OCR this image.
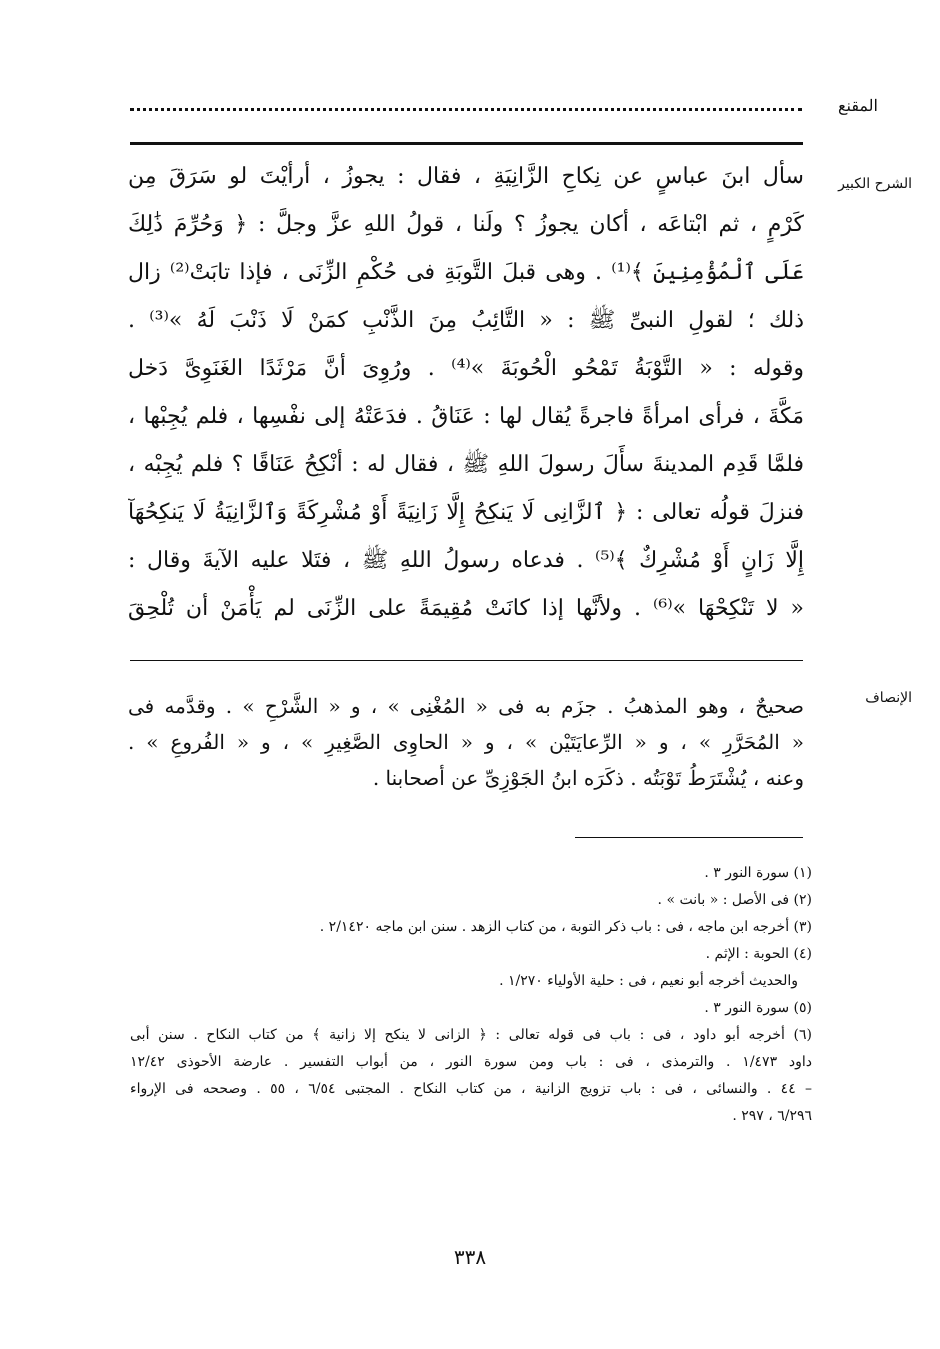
المقنع
الشرح الكبير
سأل ابنَ عباسٍ عن نِكاحِ الزَّانِيَةِ ، فقال : يجوزُ ، أرأيْتَ لو سَرَقَ مِن
كَرْمٍ ، ثم ابْتاعَه ، أكان يجوزُ ؟ ولَنا ، قولُ اللهِ عزَّ وجلَّ : ﴿ وَحُرِّمَ ذَٰلِكَ
عَلَى ٱلْمُؤْمِنِينَ ﴾⁽¹⁾ . وهى قبلَ التَّوبَةِ فى حُكْمِ الزِّنَى ، فإذا تابَتْ⁽²⁾ زال
ذلك ؛ لقولِ النبىِّ ﷺ : « التَّائِبُ مِنَ الذَّنْبِ كمَنْ لَا ذَنْبَ لَهُ »⁽³⁾ .
وقوله : « التَّوْبَةُ تَمْحُو الْحُوبَةَ »⁽⁴⁾ . ورُوِىَ أنَّ مَرْثَدًا الغَنَوِىَّ دَخل
مَكَّةَ ، فرأى امرأةً فاجرةً يُقال لها : عَنَاقُ . فدَعَتْهُ إلى نفْسِها ، فلم يُجِبْها ،
فلمَّا قَدِم المدينةَ سأَلَ رسولَ اللهِ ﷺ ، فقال له : أنْكِحُ عَنَاقًا ؟ فلم يُجِبْه ،
فنزلَ قولُه تعالى : ﴿ ٱلزَّانِى لَا يَنكِحُ إِلَّا زَانِيَةً أَوْ مُشْرِكَةً وَٱلزَّانِيَةُ لَا يَنكِحُهَآ
إِلَّا زَانٍ أَوْ مُشْرِكٌ ﴾⁽⁵⁾ . فدعاه رسولُ اللهِ ﷺ ، فتَلا عليه الآيةَ وقال :
« لا تَنْكِحْهَا »⁽⁶⁾ . ولأنَّها إذا كانَتْ مُقِيمَةً على الزِّنَى لم يَأْمَنْ أن تُلْحِقَ
الإنصاف
صحيحٌ ، وهو المذهبُ . جزَم به فى « المُغْنِى » ، و « الشَّرْحِ » . وقدَّمه فى
« المُحَرَّرِ » ، و « الرِّعايَتَيْن » ، و « الحاوِى الصَّغِيرِ » ، و « الفُروعِ » .
وعنه ، يُشْتَرَطُ تَوْبَتُه . ذكَرَه ابنُ الجَوْزِىِّ عن أصحابنا .
(١) سورة النور ٣ .
(٢) فى الأصل : « بانت » .
(٣) أخرجه ابن ماجه ، فى : باب ذكر التوبة ، من كتاب الزهد . سنن ابن ماجه ٢/١٤٢٠ .
(٤) الحوبة : الإثم .
والحديث أخرجه أبو نعيم ، فى : حلية الأولياء ١/٢٧٠ .
(٥) سورة النور ٣ .
(٦) أخرجه أبو داود ، فى : باب فى قوله تعالى : ﴿ الزانى لا ينكح إلا زانية ﴾ من كتاب النكاح . سنن أبى
داود ١/٤٧٣ . والترمذى ، فى : باب ومن سورة النور ، من أبواب التفسير . عارضة الأحوذى ١٢/٤٢
– ٤٤ . والنسائى ، فى : باب تزويج الزانية ، من كتاب النكاح . المجتبى ٦/٥٤ ، ٥٥ . وصححه فى الإرواء
٦/٢٩٦ ، ٢٩٧ .
٣٣٨
